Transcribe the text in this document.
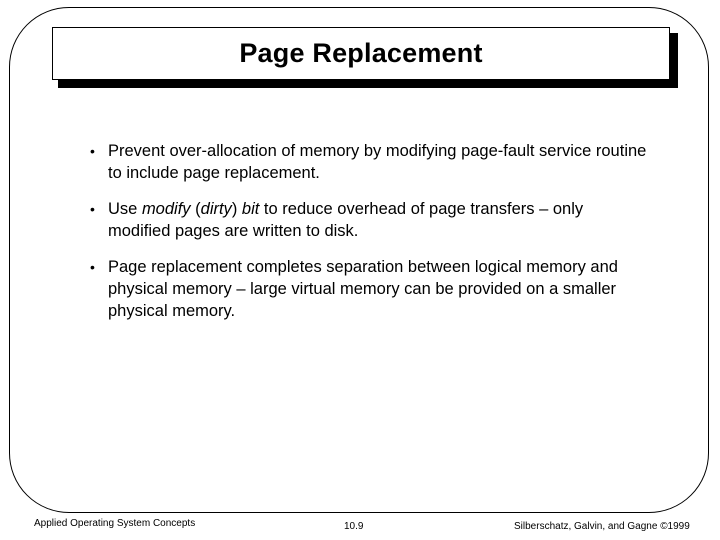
Page Replacement
• Prevent over-allocation of memory by modifying page-fault service routine to include page replacement.
• Use modify (dirty) bit to reduce overhead of page transfers – only modified pages are written to disk.
• Page replacement completes separation between logical memory and physical memory – large virtual memory can be provided on a smaller physical memory.
Applied Operating System Concepts	10.9	Silberschatz, Galvin, and Gagne ©1999
